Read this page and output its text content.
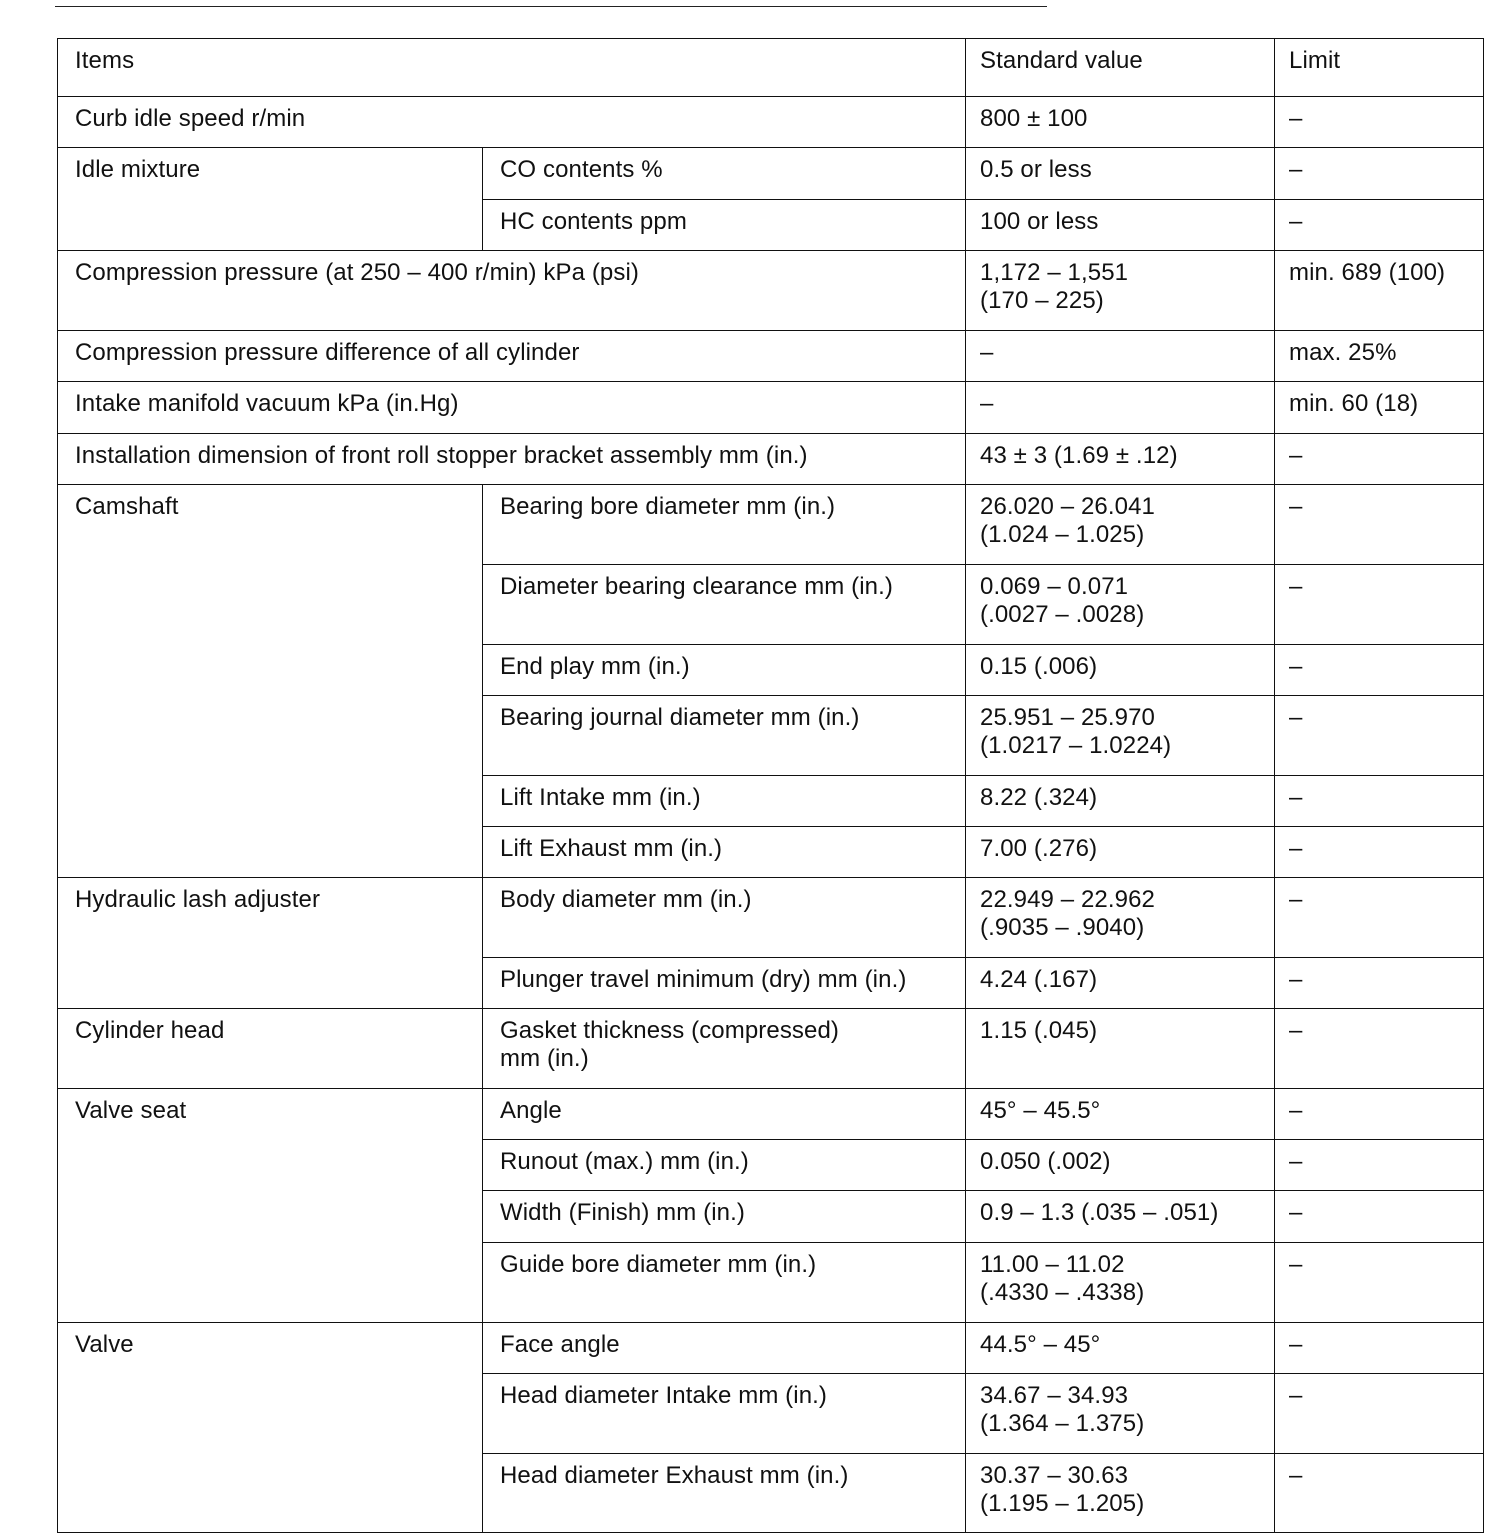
Items		Standard value	Limit

Curb idle speed r/min		800 ± 100	–

Idle mixture	CO contents %	0.5 or less	–

	HC contents ppm	100 or less	–

Compression pressure (at 250 – 400 r/min) kPa (psi)		1,172 – 1,551
(170 – 225)	min. 689 (100)

Compression pressure difference of all cylinder		–	max. 25%

Intake manifold vacuum kPa (in.Hg)		–	min. 60 (18)

Installation dimension of front roll stopper bracket assembly mm (in.)		43 ± 3 (1.69 ± .12)	–

Camshaft	Bearing bore diameter mm (in.)	26.020 – 26.041
(1.024 – 1.025)	–

	Diameter bearing clearance mm (in.)	0.069 – 0.071
(.0027 – .0028)	–

	End play mm (in.)	0.15 (.006)	–

	Bearing journal diameter mm (in.)	25.951 – 25.970
(1.0217 – 1.0224)	–

	Lift Intake mm (in.)	8.22 (.324)	–

	Lift Exhaust mm (in.)	7.00 (.276)	–

Hydraulic lash adjuster	Body diameter mm (in.)	22.949 – 22.962
(.9035 – .9040)	–

	Plunger travel minimum (dry) mm (in.)	4.24 (.167)	–

Cylinder head	Gasket thickness (compressed)
mm (in.)	1.15 (.045)	–

Valve seat	Angle	45° – 45.5°	–

	Runout (max.) mm (in.)	0.050 (.002)	–

	Width (Finish) mm (in.)	0.9 – 1.3 (.035 – .051)	–

	Guide bore diameter mm (in.)	11.00 – 11.02
(.4330 – .4338)	–

Valve	Face angle	44.5° – 45°	–

	Head diameter Intake mm (in.)	34.67 – 34.93
(1.364 – 1.375)	–

	Head diameter Exhaust mm (in.)	30.37 – 30.63
(1.195 – 1.205)	–
